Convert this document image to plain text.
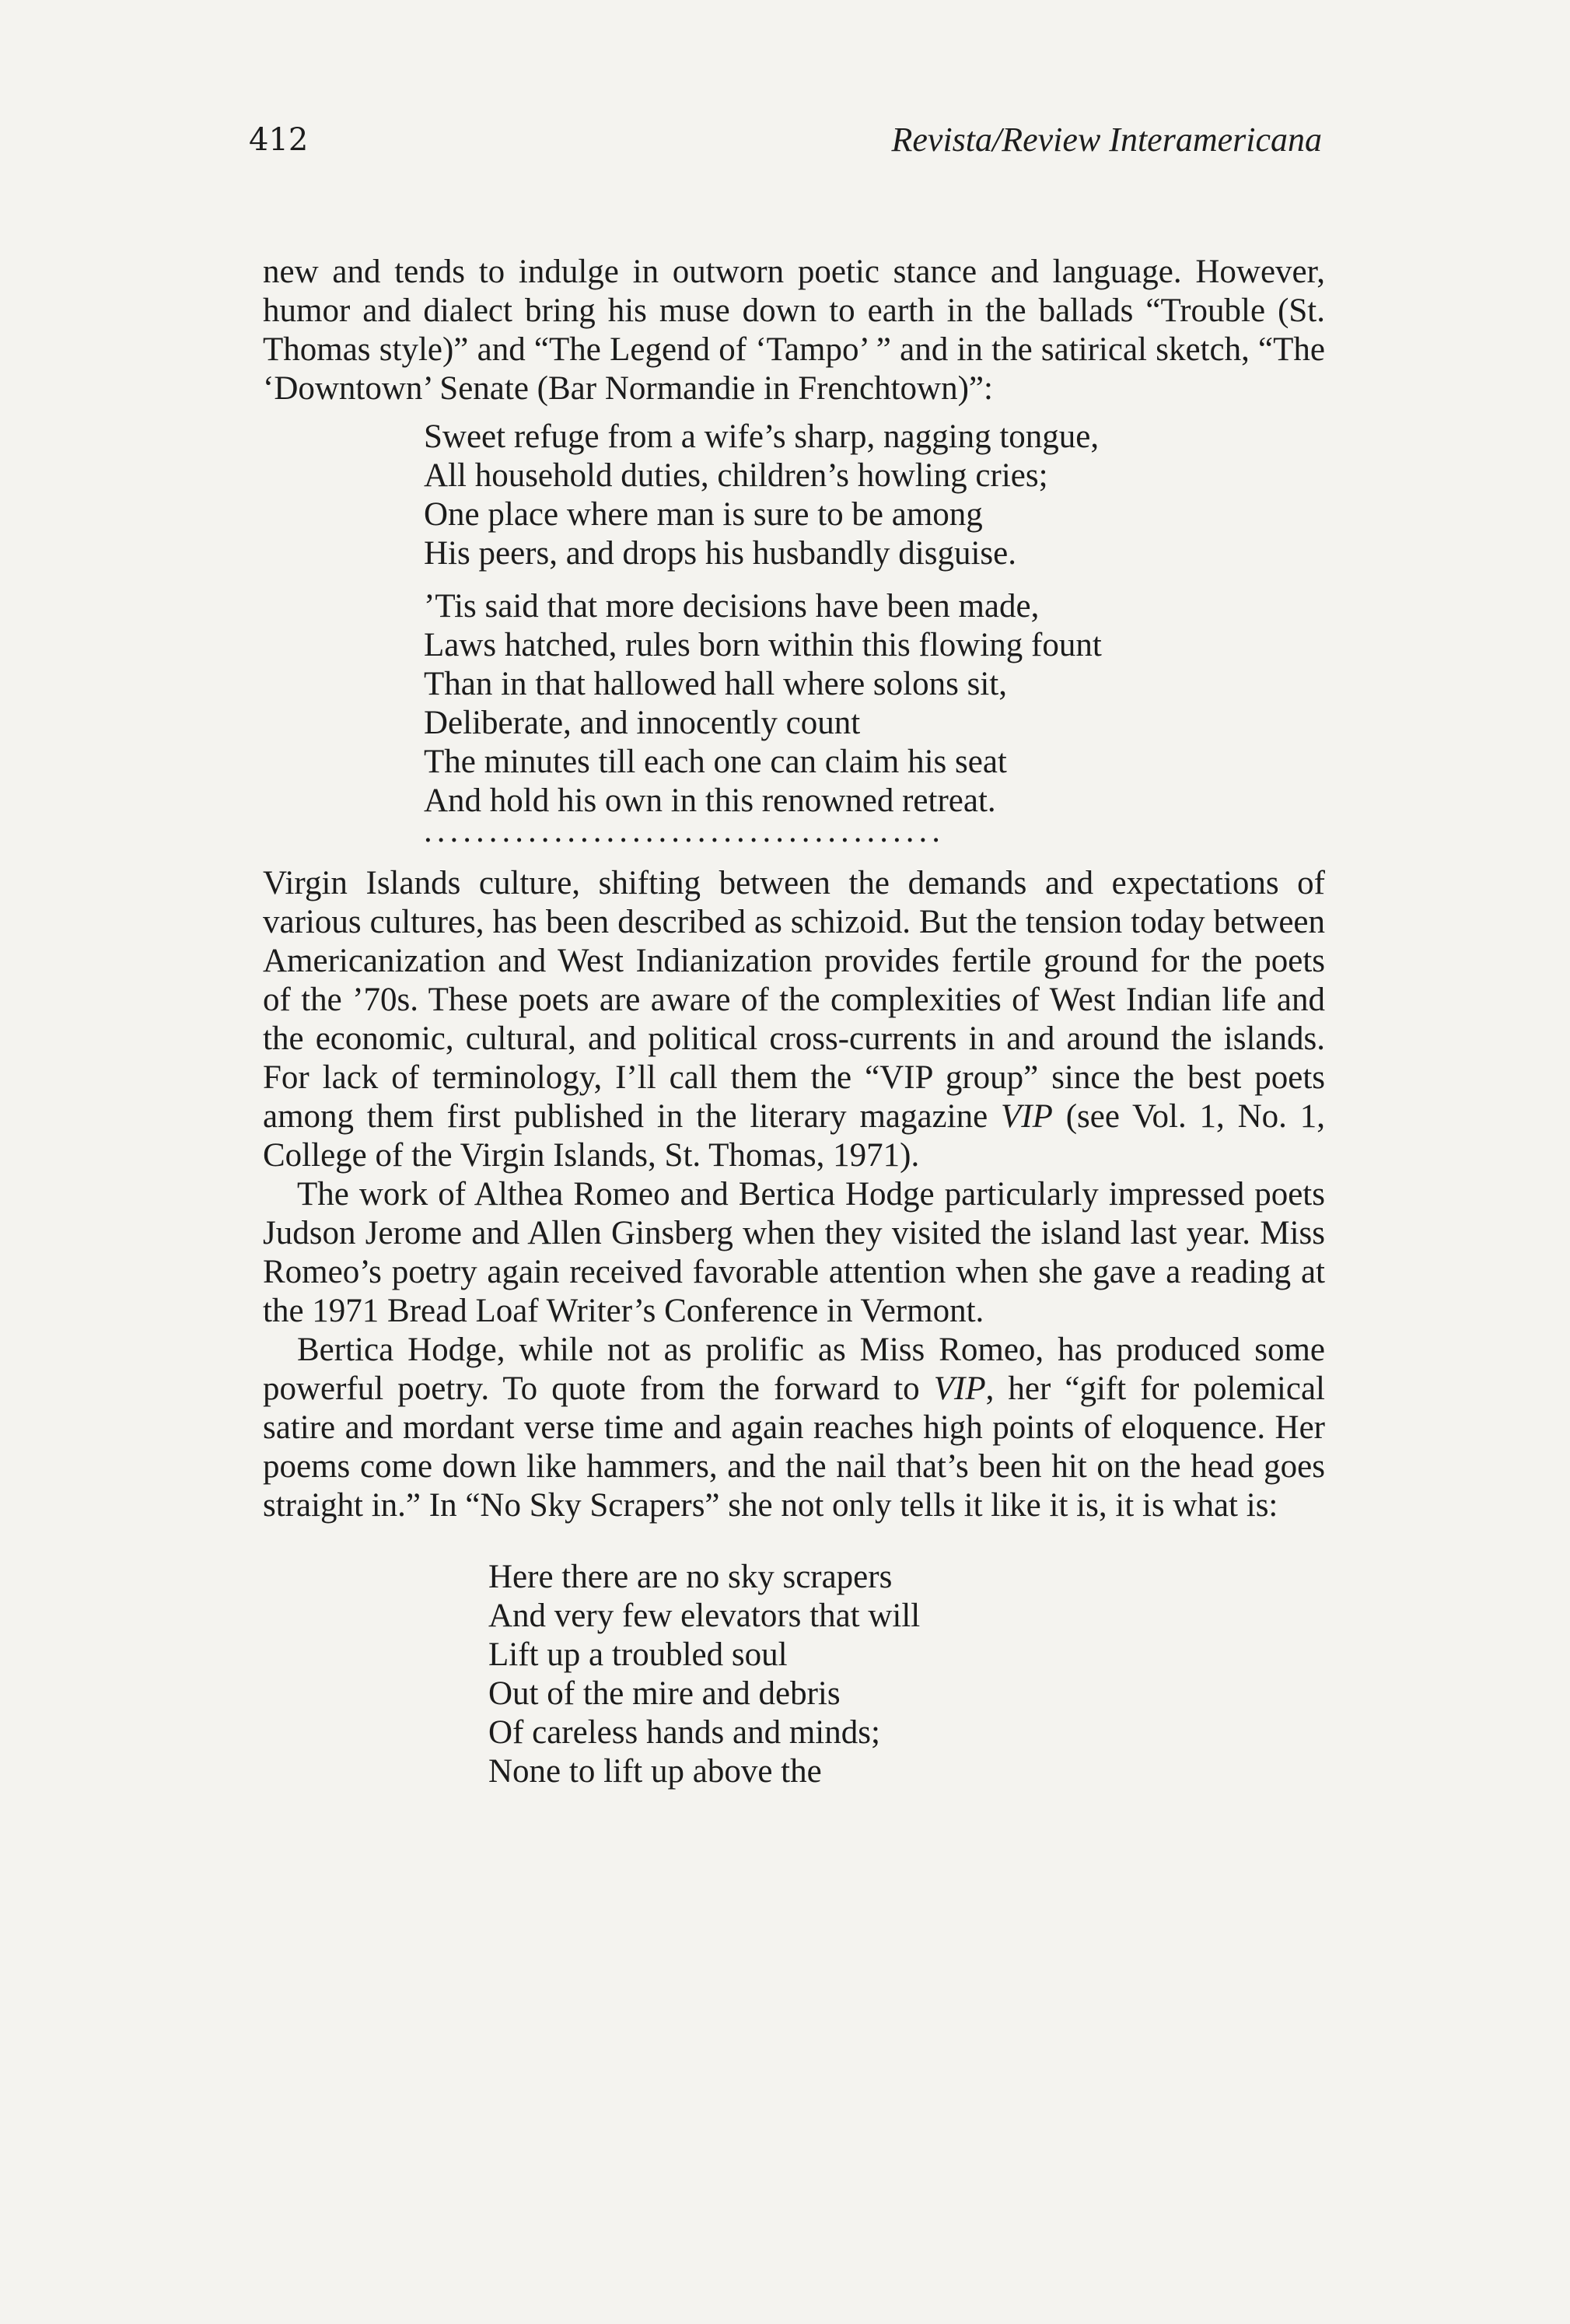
412	Revista/Review Interamericana

new and tends to indulge in outworn poetic stance and language. However, humor and dialect bring his muse down to earth in the ballads “Trouble (St. Thomas style)” and “The Legend of ‘Tampo’ ” and in the satirical sketch, “The ‘Downtown’ Senate (Bar Normandie in Frenchtown)”:

Sweet refuge from a wife’s sharp, nagging tongue,
All household duties, children’s howling cries;
One place where man is sure to be among
His peers, and drops his husbandly disguise.
’Tis said that more decisions have been made,
Laws hatched, rules born within this flowing fount
Than in that hallowed hall where solons sit,
Deliberate, and innocently count
The minutes till each one can claim his seat
And hold his own in this renowned retreat.
........................................

Virgin Islands culture, shifting between the demands and expectations of various cultures, has been described as schizoid. But the tension today between Americanization and West Indianization provides fertile ground for the poets of the ’70s. These poets are aware of the complexities of West Indian life and the economic, cultural, and political cross-currents in and around the islands. For lack of terminology, I’ll call them the “VIP group” since the best poets among them first published in the literary magazine VIP (see Vol. 1, No. 1, College of the Virgin Islands, St. Thomas, 1971).

The work of Althea Romeo and Bertica Hodge particularly impressed poets Judson Jerome and Allen Ginsberg when they visited the island last year. Miss Romeo’s poetry again received favorable attention when she gave a reading at the 1971 Bread Loaf Writer’s Conference in Vermont.

Bertica Hodge, while not as prolific as Miss Romeo, has produced some powerful poetry. To quote from the forward to VIP, her “gift for polemical satire and mordant verse time and again reaches high points of eloquence. Her poems come down like hammers, and the nail that’s been hit on the head goes straight in.” In “No Sky Scrapers” she not only tells it like it is, it is what is:

Here there are no sky scrapers
And very few elevators that will
Lift up a troubled soul
Out of the mire and debris
Of careless hands and minds;
None to lift up above the
